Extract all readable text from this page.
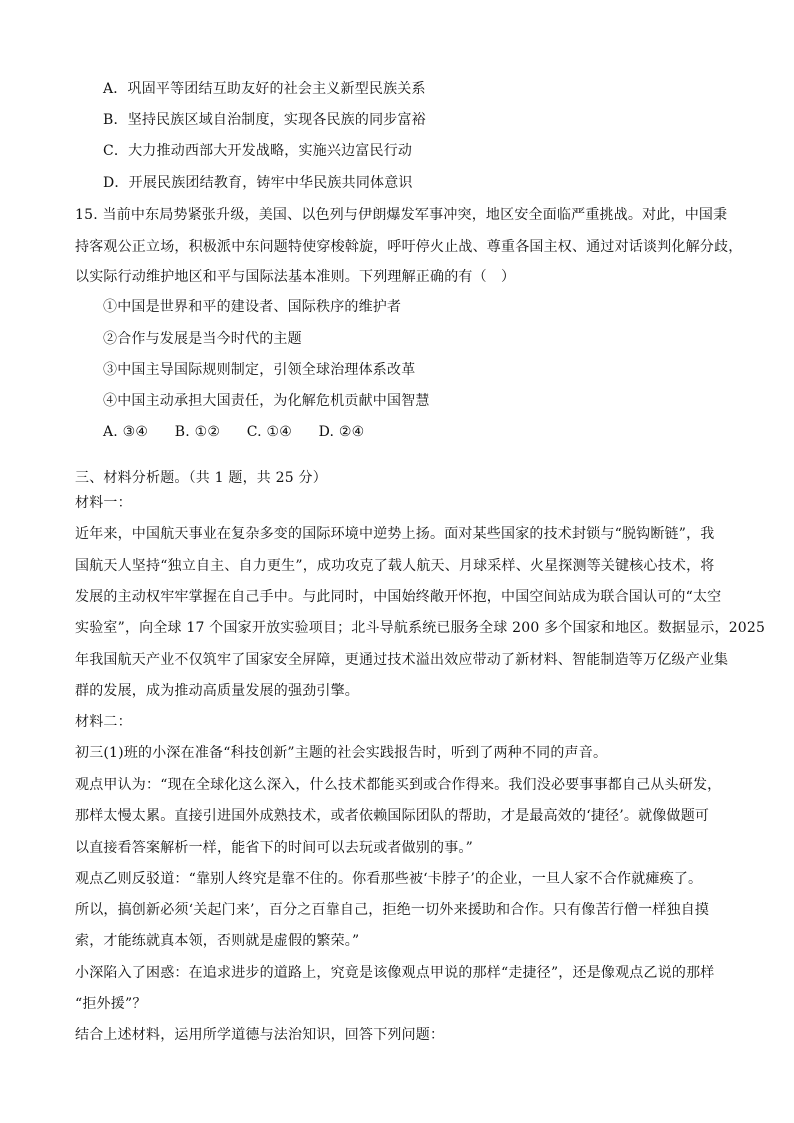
A．巩固平等团结互助友好的社会主义新型民族关系
B．坚持民族区域自治制度，实现各民族的同步富裕
C．大力推动西部大开发战略，实施兴边富民行动
D．开展民族团结教育，铸牢中华民族共同体意识
15. 当前中东局势紧张升级，美国、以色列与伊朗爆发军事冲突，地区安全面临严重挑战。对此，中国秉
持客观公正立场，积极派中东问题特使穿梭斡旋，呼吁停火止战、尊重各国主权、通过对话谈判化解分歧，
以实际行动维护地区和平与国际法基本准则。下列理解正确的有（　）
①中国是世界和平的建设者、国际秩序的维护者
②合作与发展是当今时代的主题
③中国主导国际规则制定，引领全球治理体系改革
④中国主动承担大国责任，为化解危机贡献中国智慧
A. ③④ B. ①② C. ①④ D. ②④
三、材料分析题。（共 1 题，共 25 分）
材料一：
近年来，中国航天事业在复杂多变的国际环境中逆势上扬。面对某些国家的技术封锁与“脱钩断链”，我
国航天人坚持“独立自主、自力更生”，成功攻克了载人航天、月球采样、火星探测等关键核心技术，将
发展的主动权牢牢掌握在自己手中。与此同时，中国始终敞开怀抱，中国空间站成为联合国认可的“太空
实验室”，向全球 17 个国家开放实验项目；北斗导航系统已服务全球 200 多个国家和地区。数据显示，2025
年我国航天产业不仅筑牢了国家安全屏障，更通过技术溢出效应带动了新材料、智能制造等万亿级产业集
群的发展，成为推动高质量发展的强劲引擎。
材料二：
初三(1)班的小深在准备“科技创新”主题的社会实践报告时，听到了两种不同的声音。
观点甲认为：“现在全球化这么深入，什么技术都能买到或合作得来。我们没必要事事都自己从头研发，
那样太慢太累。直接引进国外成熟技术，或者依赖国际团队的帮助，才是最高效的‘捷径’。就像做题可
以直接看答案解析一样，能省下的时间可以去玩或者做别的事。”
观点乙则反驳道：“靠别人终究是靠不住的。你看那些被‘卡脖子’的企业，一旦人家不合作就瘫痪了。
所以，搞创新必须‘关起门来’，百分之百靠自己，拒绝一切外来援助和合作。只有像苦行僧一样独自摸
索，才能练就真本领，否则就是虚假的繁荣。”
小深陷入了困惑：在追求进步的道路上，究竟是该像观点甲说的那样“走捷径”，还是像观点乙说的那样
“拒外援”？
结合上述材料，运用所学道德与法治知识，回答下列问题：
